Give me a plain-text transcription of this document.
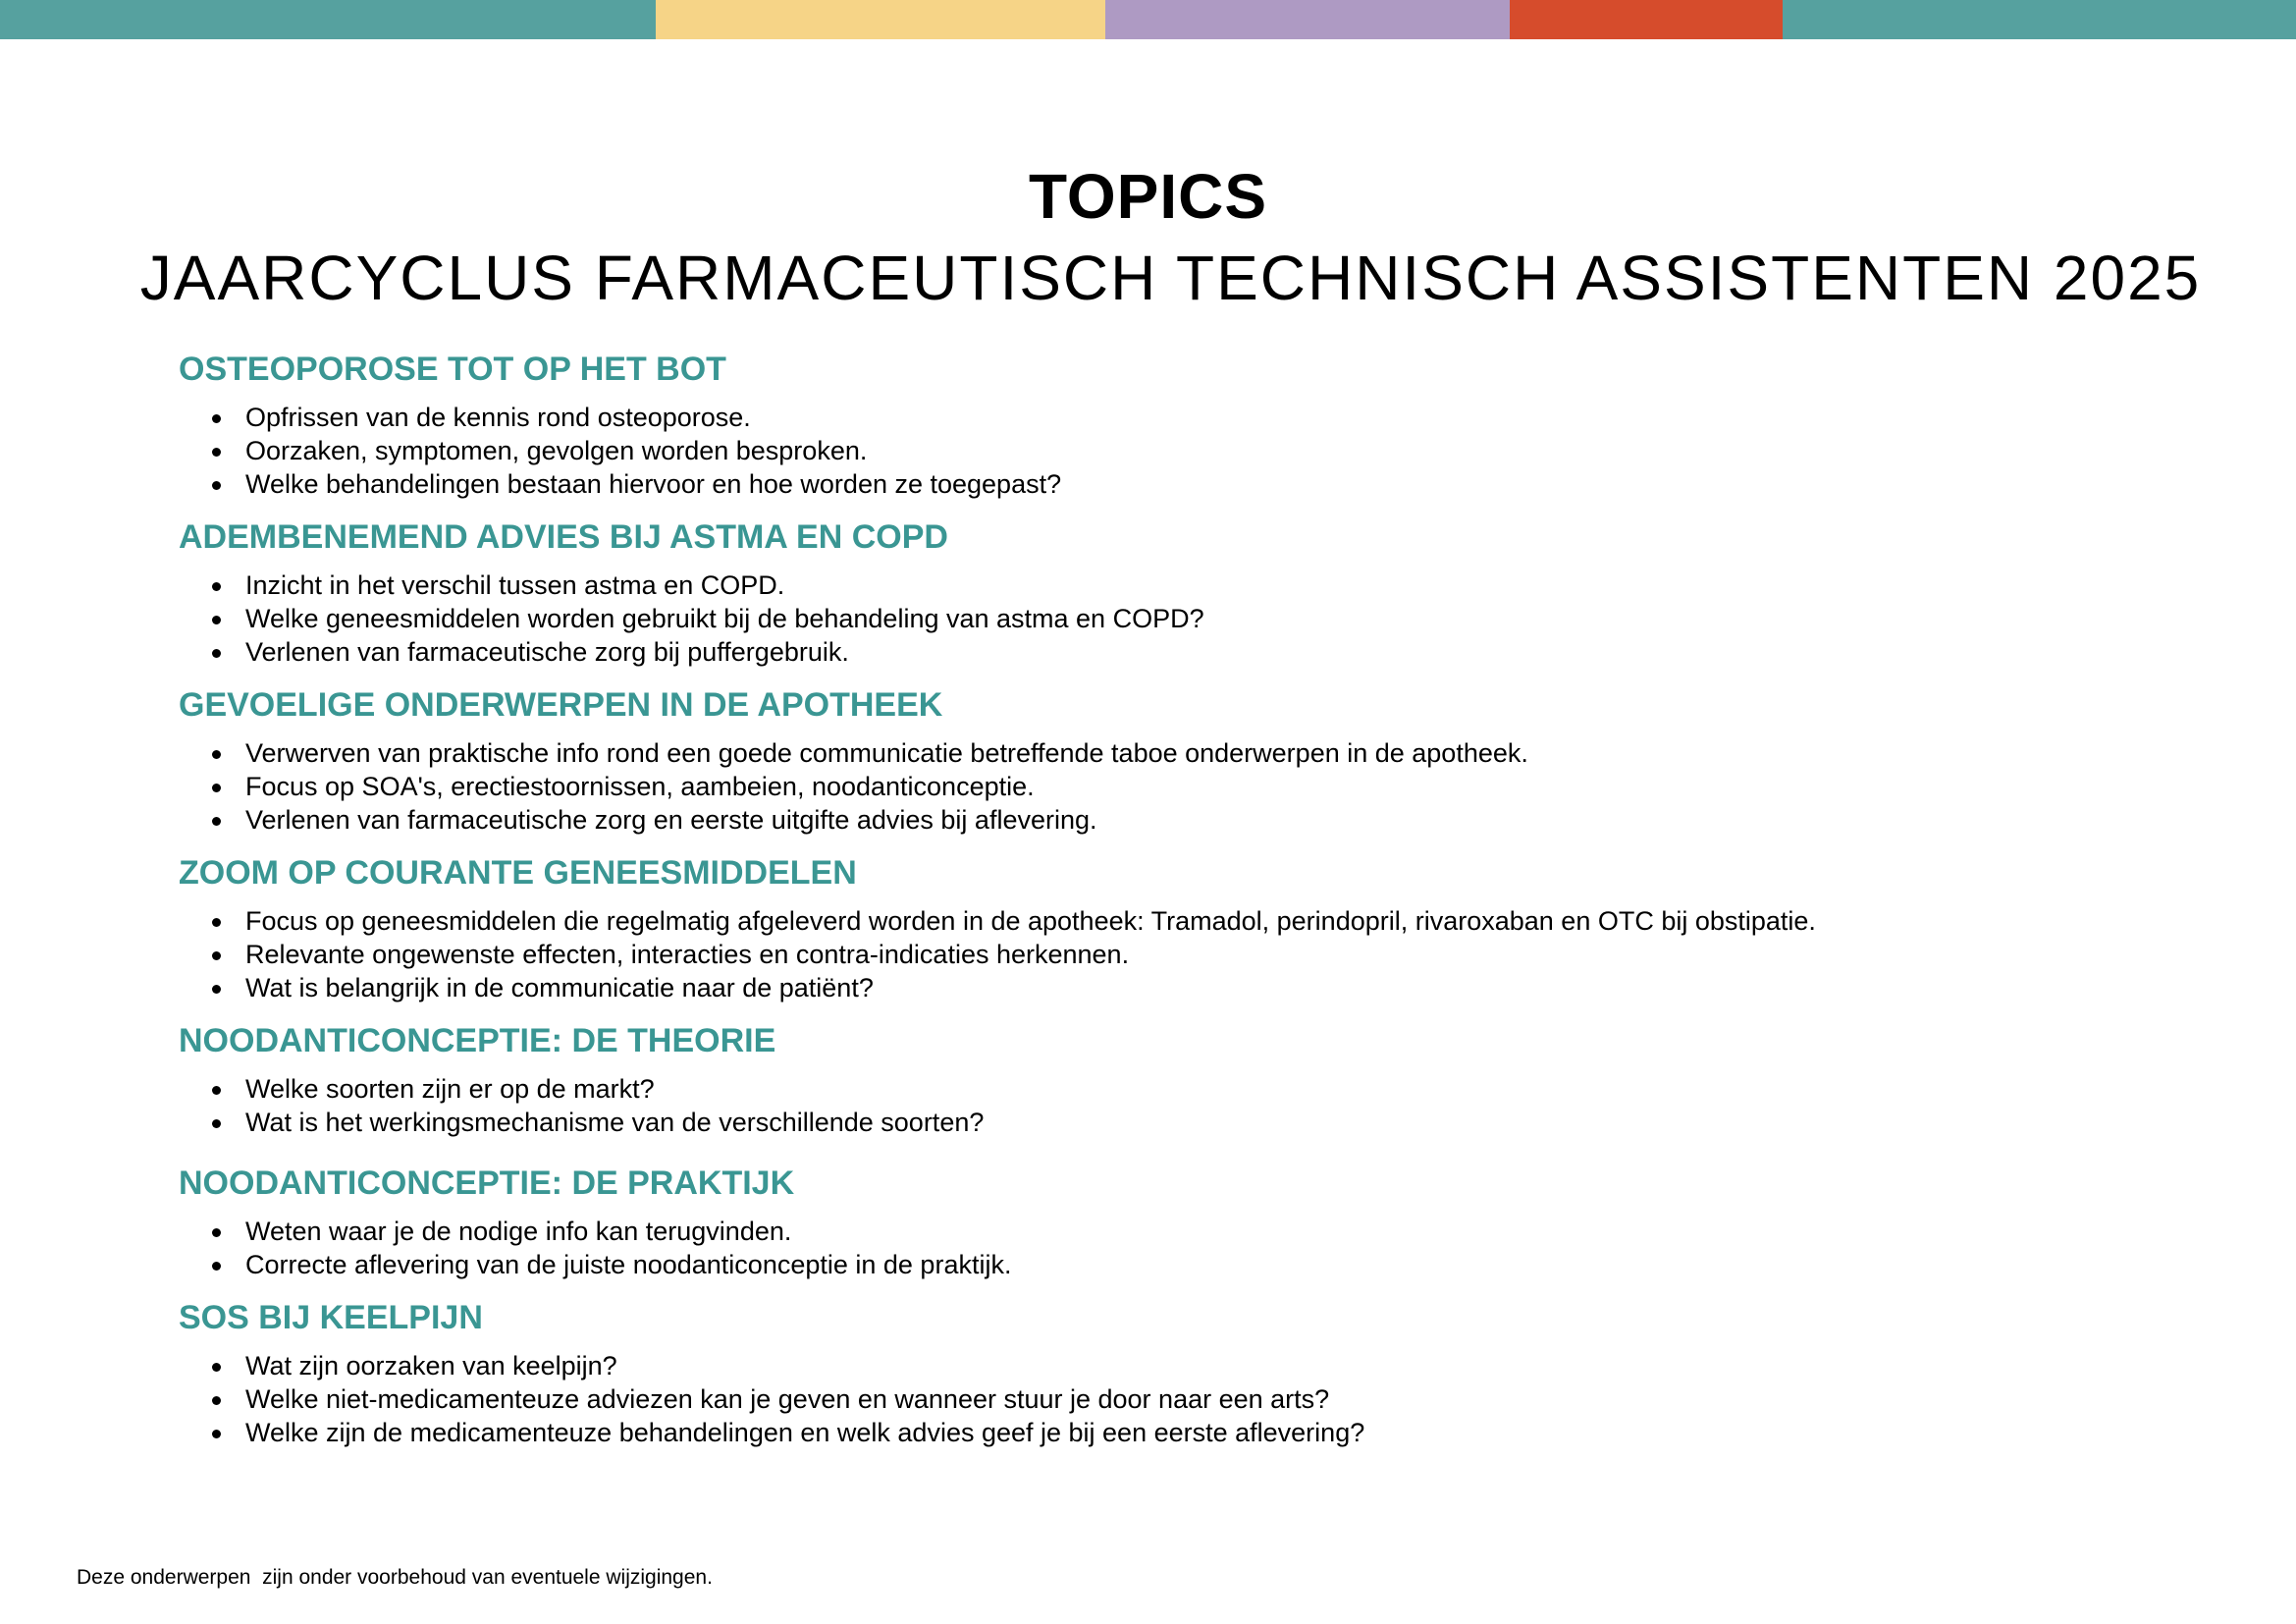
TOPICS
JAARCYCLUS FARMACEUTISCH TECHNISCH ASSISTENTEN 2025
OSTEOPOROSE TOT OP HET BOT
Opfrissen van de kennis rond osteoporose.
Oorzaken, symptomen, gevolgen worden besproken.
Welke behandelingen bestaan hiervoor en hoe worden ze toegepast?
ADEMBENEMEND ADVIES BIJ ASTMA EN COPD
Inzicht in het verschil tussen astma en COPD.
Welke geneesmiddelen worden gebruikt bij de behandeling van astma en COPD?
Verlenen van farmaceutische zorg bij puffergebruik.
GEVOELIGE ONDERWERPEN IN DE APOTHEEK
Verwerven van praktische info rond een goede communicatie betreffende taboe onderwerpen in de apotheek.
Focus op SOA's, erectiestoornissen, aambeien, noodanticonceptie.
Verlenen van farmaceutische zorg en eerste uitgifte advies bij aflevering.
ZOOM OP COURANTE GENEESMIDDELEN
Focus op geneesmiddelen die regelmatig afgeleverd worden in de apotheek: Tramadol, perindopril, rivaroxaban en OTC bij obstipatie.
Relevante ongewenste effecten, interacties en contra-indicaties herkennen.
Wat is belangrijk in de communicatie naar de patiënt?
NOODANTICONCEPTIE: DE THEORIE
Welke soorten zijn er op de markt?
Wat is het werkingsmechanisme van de verschillende soorten?
NOODANTICONCEPTIE: DE PRAKTIJK
Weten waar je de nodige info kan terugvinden.
Correcte aflevering van de juiste noodanticonceptie in de praktijk.
SOS BIJ KEELPIJN
Wat zijn oorzaken van keelpijn?
Welke niet-medicamenteuze adviezen kan je geven en wanneer stuur je door naar een arts?
Welke zijn de medicamenteuze behandelingen en welk advies geef je bij een eerste aflevering?
Deze onderwerpen  zijn onder voorbehoud van eventuele wijzigingen.
